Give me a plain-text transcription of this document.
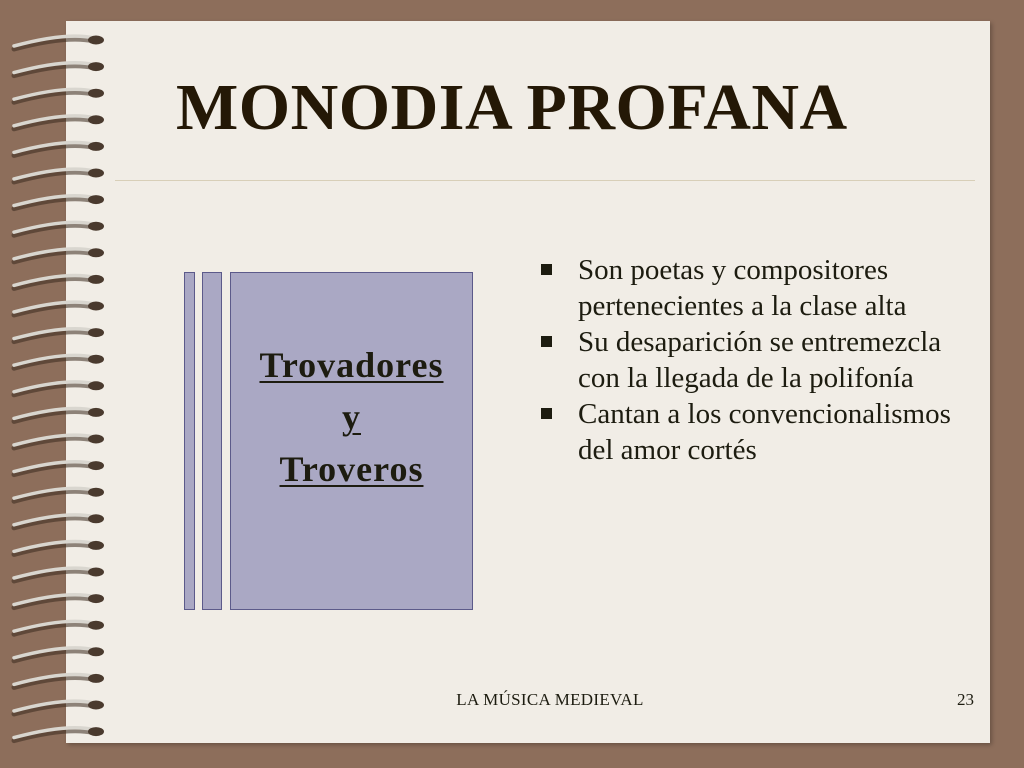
MONODIA PROFANA
Trovadores
y
Troveros
Son poetas y compositores pertenecientes a la clase alta
Su desaparición se entremezcla con la llegada de la polifonía
Cantan a los convencionalismos del amor cortés
LA MÚSICA MEDIEVAL	23
